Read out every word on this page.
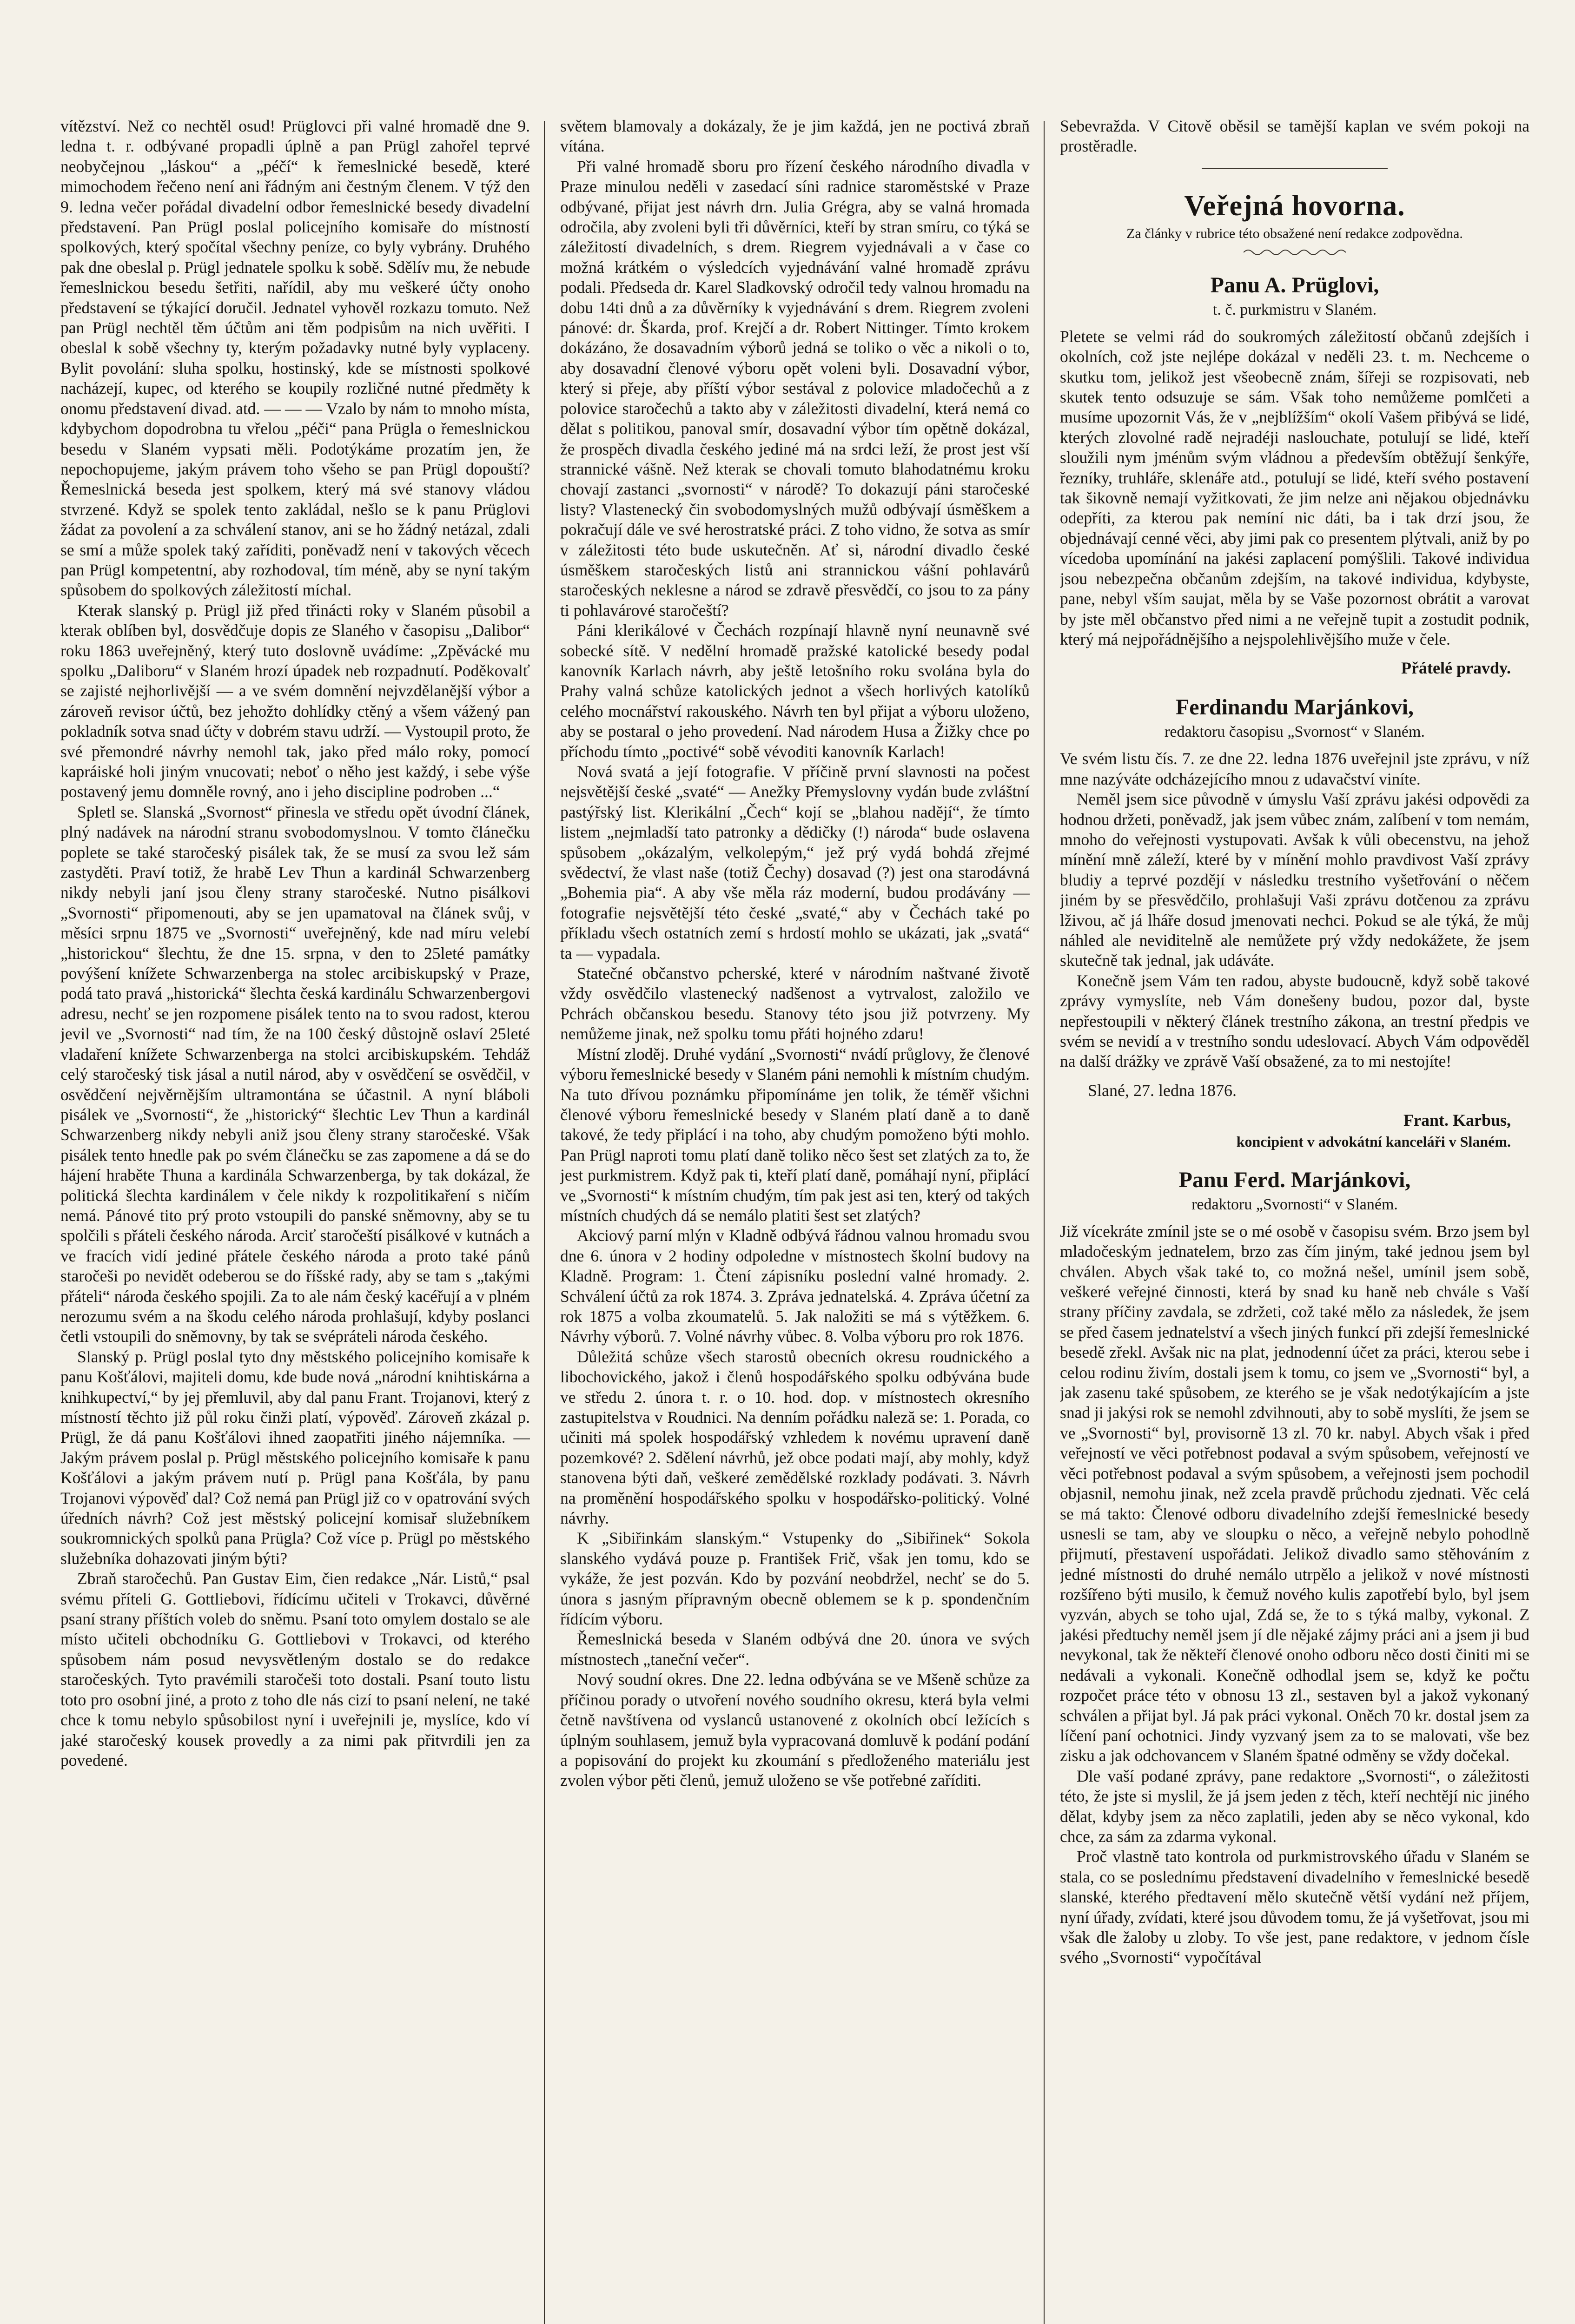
vítězství. Než co nechtěl osud! Prüglovci při valné hromadě dne 9. ledna t. r. odbývané propadli úplně a pan Prügl zahořel teprvé neobyčejnou „láskou“ a „péčí“ k řemeslnické besedě, které mimochodem řečeno není ani řádným ani čestným členem. V týž den 9. ledna večer pořádal divadelní odbor řemeslnické besedy divadelní představení. Pan Prügl poslal policejního komisaře do místností spolkových, který spočítal všechny peníze, co byly vybrány. Druhého pak dne obeslal p. Prügl jednatele spolku k sobě. Sdělív mu, že nebude řemeslnickou besedu šetřiti, nařídil, aby mu veškeré účty onoho představení se týkající doručil. Jednatel vyhověl rozkazu tomuto. Než pan Prügl nechtěl těm účtům ani těm podpisům na nich uvěřiti. I obeslal k sobě všechny ty, kterým požadavky nutné byly vyplaceny. Bylit povolání: sluha spolku, hostinský, kde se místnosti spolkové nacházejí, kupec, od kterého se koupily rozličné nutné předměty k onomu představení divad. atd. — — — Vzalo by nám to mnoho místa, kdybychom dopodrobna tu vřelou „péči“ pana Prügla o řemeslnickou besedu v Slaném vypsati měli. Podotýkáme prozatím jen, že nepochopujeme, jakým právem toho všeho se pan Prügl dopouští? Řemeslnická beseda jest spolkem, který má své stanovy vládou stvrzené. Když se spolek tento zakládal, nešlo se k panu Prüglovi žádat za povolení a za schválení stanov, ani se ho žádný netázal, zdali se smí a může spolek taký zaříditi, poněvadž není v takových věcech pan Prügl kompetentní, aby rozhodoval, tím méně, aby se nyní takým spůsobem do spolkových záležitostí míchal.

Kterak slanský p. Prügl již před třinácti roky v Slaném působil a kterak oblíben byl, dosvědčuje dopis ze Slaného v časopisu „Dalibor“ roku 1863 uveřejněný, který tuto doslovně uvádíme: „Zpěvácké mu spolku „Daliboru“ v Slaném hrozí úpadek neb rozpadnutí. Poděkovalť se zajisté nejhorlivější — a ve svém domnění nejvzdělanější výbor a zároveň revisor účtů, bez jehožto dohlídky ctěný a všem vážený pan pokladník sotva snad účty v dobrém stavu udrží. — Vystoupil proto, že své přemondré návrhy nemohl tak, jako před málo roky, pomocí kapráiské holi jiným vnucovati; neboť o něho jest každý, i sebe výše postavený jemu domněle rovný, ano i jeho discipline podroben ...“

Spletl se. Slanská „Svornost“ přinesla ve středu opět úvodní článek, plný nadávek na národní stranu svobodomyslnou. V tomto článečku poplete se také staročeský pisálek tak, že se musí za svou lež sám zastyděti. Praví totiž, že hrabě Lev Thun a kardinál Schwarzenberg nikdy nebyli janí jsou členy strany staročeské. Nutno pisálkovi „Svornosti“ připomenouti, aby se jen upamatoval na článek svůj, v měsíci srpnu 1875 ve „Svornosti“ uveřejněný, kde nad míru velebí „historickou“ šlechtu, že dne 15. srpna, v den to 25leté památky povýšení knížete Schwarzenberga na stolec arcibiskupský v Praze, podá tato pravá „historická“ šlechta česká kardinálu Schwarzenbergovi adresu, nechť se jen rozpomene pisálek tento na to svou radost, kterou jevil ve „Svornosti“ nad tím, že na 100 český důstojně oslaví 25leté vladaření knížete Schwarzenberga na stolci arcibiskupském. Tehdáž celý staročeský tisk jásal a nutil národ, aby v osvědčení se osvědčil, v osvědčení nejvěrnějším ultramontána se účastnil. A nyní bláboli pisálek ve „Svornosti“, že „historický“ šlechtic Lev Thun a kardinál Schwarzenberg nikdy nebyli aniž jsou členy strany staročeské. Však pisálek tento hnedle pak po svém článečku se zas zapomene a dá se do hájení hraběte Thuna a kardinála Schwarzenberga, by tak dokázal, že politická šlechta kardinálem v čele nikdy k rozpolitikaření s ničím nemá. Pánové tito prý proto vstoupili do panské sněmovny, aby se tu spolčili s přáteli českého národa. Arciť staročeští pisálkové v kutnách a ve fracích vidí jediné přátele českého národa a proto také pánů staročeši po nevidět odeberou se do říšské rady, aby se tam s „takými přáteli“ národa českého spojili. Za to ale nám český kacéřují a v plném nerozumu svém a na škodu celého národa prohlašují, kdyby poslanci četli vstoupili do sněmovny, by tak se svépráteli národa českého.

Slanský p. Prügl poslal tyto dny městského policejního komisaře k panu Košťálovi, majiteli domu, kde bude nová „národní knihtiskárna a knihkupectví,“ by jej přemluvil, aby dal panu Frant. Trojanovi, který z místností těchto již půl roku činži platí, výpověď. Zároveň zkázal p. Prügl, že dá panu Košťálovi ihned zaopatřiti jiného nájemníka. — Jakým právem poslal p. Prügl městského policejního komisaře k panu Košťálovi a jakým právem nutí p. Prügl pana Košťála, by panu Trojanovi výpověď dal? Což nemá pan Prügl již co v opatrování svých úředních návrh? Což jest městský policejní komisař služebníkem soukromnických spolků pana Prügla? Což více p. Prügl po městského služebníka dohazovati jiným býti?

Zbraň staročechů. Pan Gustav Eim, čien redakce „Nár. Listů,“ psal svému příteli G. Gottliebovi, řídícímu učiteli v Trokavci, důvěrné psaní strany příštích voleb do sněmu. Psaní toto omylem dostalo se ale místo učiteli obchodníku G. Gottliebovi v Trokavci, od kterého spůsobem nám posud nevysvětleným dostalo se do redakce staročeských. Tyto pravémili staročeši toto dostali. Psaní touto listu toto pro osobní jiné, a proto z toho dle nás cizí to psaní nelení, ne také chce k tomu nebylo spůsobilost nyní i uveřejnili je, myslíce, kdo ví jaké staročeský kousek provedly a za nimi pak přitvrdili jen za povedené.

světem blamovaly a dokázaly, že je jim každá, jen ne poctivá zbraň vítána.

Při valné hromadě sboru pro řízení českého národního divadla v Praze minulou neděli v zasedací síni radnice staroměstské v Praze odbývané, přijat jest návrh drn. Julia Grégra, aby se valná hromada odročila, aby zvoleni byli tři důvěrníci, kteří by stran smíru, co týká se záležitostí divadelních, s drem. Riegrem vyjednávali a v čase co možná krátkém o výsledcích vyjednávání valné hromadě zprávu podali. Předseda dr. Karel Sladkovský odročil tedy valnou hromadu na dobu 14ti dnů a za důvěrníky k vyjednávání s drem. Riegrem zvoleni pánové: dr. Škarda, prof. Krejčí a dr. Robert Nittinger. Tímto krokem dokázáno, že dosavadním výborů jedná se toliko o věc a nikoli o to, aby dosavadní členové výboru opět voleni byli. Dosavadní výbor, který si přeje, aby příští výbor sestával z polovice mladočechů a z polovice staročechů a takto aby v záležitosti divadelní, která nemá co dělat s politikou, panoval smír, dosavadní výbor tím opětně dokázal, že prospěch divadla českého jediné má na srdci leží, že prost jest vší strannické vášně. Než kterak se chovali tomuto blahodatnému kroku chovají zastanci „svornosti“ v národě? To dokazují páni staročeské listy? Vlastenecký čin svobodomyslných mužů odbývají úsměškem a pokračují dále ve své herostratské práci. Z toho vidno, že sotva as smír v záležitosti této bude uskutečněn. Ať si, národní divadlo české úsměškem staročeských listů ani strannickou vášní pohlavárů staročeských neklesne a národ se zdravě přesvědčí, co jsou to za pány ti pohlavárové staročeští?

Páni klerikálové v Čechách rozpínají hlavně nyní neunavně své sobecké sítě. V nedělní hromadě pražské katolické besedy podal kanovník Karlach návrh, aby ještě letošního roku svolána byla do Prahy valná schůze katolických jednot a všech horlivých katolíků celého mocnářství rakouského. Návrh ten byl přijat a výboru uloženo, aby se postaral o jeho provedení. Nad národem Husa a Žižky chce po příchodu tímto „poctivé“ sobě vévoditi kanovník Karlach!

Nová svatá a její fotografie. V příčině první slavnosti na počest nejsvětější české „svaté“ — Anežky Přemyslovny vydán bude zvláštní pastýřský list. Klerikální „Čech“ kojí se „blahou nadějí“, že tímto listem „nejmladší tato patronky a dědičky (!) národa“ bude oslavena spůsobem „okázalým, velkolepým,“ jež prý vydá bohdá zřejmé svědectví, že vlast naše (totiž Čechy) dosavad (?) jest ona starodávná „Bohemia pia“. A aby vše měla ráz moderní, budou prodávány — fotografie nejsvětější této české „svaté,“ aby v Čechách také po příkladu všech ostatních zemí s hrdostí mohlo se ukázati, jak „svatá“ ta — vypadala.

Statečné občanstvo pcherské, které v národním naštvané životě vždy osvědčilo vlastenecký nadšenost a vytrvalost, založilo ve Pchrách občanskou besedu. Stanovy této jsou již potvrzeny. My nemůžeme jinak, než spolku tomu přáti hojného zdaru!

Místní zloděj. Druhé vydání „Svornosti“ nvádí průglovy, že členové výboru řemeslnické besedy v Slaném páni nemohli k místním chudým. Na tuto dřívou poznámku připomínáme jen tolik, že téměř všichni členové výboru řemeslnické besedy v Slaném platí daně a to daně takové, že tedy připlácí i na toho, aby chudým pomoženo býti mohlo. Pan Prügl naproti tomu platí daně toliko něco šest set zlatých za to, že jest purkmistrem. Když pak ti, kteří platí daně, pomáhají nyní, připlácí ve „Svornosti“ k místním chudým, tím pak jest asi ten, který od takých místních chudých dá se nemálo platiti šest set zlatých?

Akciový parní mlýn v Kladně odbývá řádnou valnou hromadu svou dne 6. února v 2 hodiny odpoledne v místnostech školní budovy na Kladně. Program: 1. Čtení zápisníku poslední valné hromady. 2. Schválení účtů za rok 1874. 3. Zpráva jednatelská. 4. Zpráva účetní za rok 1875 a volba zkoumatelů. 5. Jak naložiti se má s výtěžkem. 6. Návrhy výborů. 7. Volné návrhy vůbec. 8. Volba výboru pro rok 1876.

Důležitá schůze všech starostů obecních okresu roudnického a libochovického, jakož i členů hospodářského spolku odbývána bude ve středu 2. února t. r. o 10. hod. dop. v místnostech okresního zastupitelstva v Roudnici. Na denním pořádku naleză se: 1. Porada, co učiniti má spolek hospodářský vzhledem k novému upravení daně pozemkové? 2. Sdělení návrhů, jež obce podati mají, aby mohly, když stanovena býti daň, veškeré zemědělské rozklady podávati. 3. Návrh na proměnění hospodářského spolku v hospodářsko-politický. Volné návrhy.

K „Sibiřinkám slanským.“ Vstupenky do „Sibiřinek“ Sokola slanského vydává pouze p. František Frič, však jen tomu, kdo se vykáže, že jest pozván. Kdo by pozvání neobdržel, nechť se do 5. února s jasným přípravným obecně oblemem se k p. spondenčním řídícím výboru.

Řemeslnická beseda v Slaném odbývá dne 20. února ve svých místnostech „taneční večer“.

Nový soudní okres. Dne 22. ledna odbývána se ve Mšeně schůze za příčinou porady o utvoření nového soudního okresu, která byla velmi četně navštívena od vyslanců ustanovené z okolních obcí ležících s úplným souhlasem, jemuž byla vypracovaná domluvě k podání podání a popisování do projekt ku zkoumání s předloženého materiálu jest zvolen výbor pěti členů, jemuž uloženo se vše potřebné zaříditi.

Sebevražda. V Citově oběsil se tamější kaplan ve svém pokoji na prostěradle.

Veřejná hovorna.

Za články v rubrice této obsažené není redakce zodpovědna.

Panu A. Prüglovi,

t. č. purkmistru v Slaném.

Pletete se velmi rád do soukromých záležitostí občanů zdejších i okolních, což jste nejlépe dokázal v neděli 23. t. m. Nechceme o skutku tom, jelikož jest všeobecně znám, šířeji se rozpisovati, neb skutek tento odsuzuje se sám. Však toho nemůžeme pomlčeti a musíme upozornit Vás, že v „nejblížším“ okolí Vašem přibývá se lidé, kterých zlovolné radě nejradéji naslouchate, potulují se lidé, kteří sloužili nym jménům svým vládnou a především obtěžují šenkýře, řezníky, truhláře, sklenáře atd., potulují se lidé, kteří svého postavení tak šikovně nemají vyžitkovati, že jim nelze ani nějakou objednávku odepříti, za kterou pak nemíní nic dáti, ba i tak drzí jsou, že objednávají cenné věci, aby jimi pak co presentem plýtvali, aniž by po vícedoba upomínání na jakési zaplacení pomýšlili. Takové individua jsou nebezpečna občanům zdejším, na takové individua, kdybyste, pane, nebyl vším saujat, měla by se Vaše pozornost obrátit a varovat by jste měl občanstvo před nimi a ne veřejně tupit a zostudit podnik, který má nejpořádnějšího a nejspolehlivějšího muže v čele.

Přátelé pravdy.

Ferdinandu Marjánkovi,

redaktoru časopisu „Svornost“ v Slaném.

Ve svém listu čís. 7. ze dne 22. ledna 1876 uveřejnil jste zprávu, v níž mne nazýváte odcházejícího mnou z udavačství viníte.

Neměl jsem sice původně v úmyslu Vaší zprávu jakési odpovědi za hodnou držeti, poněvadž, jak jsem vůbec znám, zalíbení v tom nemám, mnoho do veřejnosti vystupovati. Avšak k vůli obecenstvu, na jehož mínění mně záleží, které by v mínění mohlo pravdivost Vaší zprávy bludiy a teprvé pozdějí v následku trestního vyšetřování o něčem jiném by se přesvědčilo, prohlašuji Vaši zprávu dotčenou za zprávu lživou, ač já lháře dosud jmenovati nechci. Pokud se ale týká, že můj náhled ale neviditelně ale nemůžete prý vždy nedokážete, že jsem skutečně tak jednal, jak udáváte.

Konečně jsem Vám ten radou, abyste budoucně, když sobě takové zprávy vymyslíte, neb Vám donešeny budou, pozor dal, byste nepřestoupili v některý článek trestního zákona, an trestní předpis ve svém se nevidí a v trestního sondu udeslovací. Abych Vám odpověděl na další drážky ve zprávě Vaší obsažené, za to mi nestojíte!

Slané, 27. ledna 1876.

Frant. Karbus,

koncipient v advokátní kanceláři v Slaném.

Panu Ferd. Marjánkovi,

redaktoru „Svornosti“ v Slaném.

Již vícekráte zmínil jste se o mé osobě v časopisu svém. Brzo jsem byl mladočeským jednatelem, brzo zas čím jiným, také jednou jsem byl chválen. Abych však také to, co možná nešel, umínil jsem sobě, veškeré veřejné činnosti, která by snad ku haně neb chvále s Vaší strany příčiny zavdala, se zdržeti, což také mělo za následek, že jsem se před časem jednatelství a všech jiných funkcí při zdejší řemeslnické besedě zřekl. Avšak nic na plat, jednodenní účet za práci, kterou sebe i celou rodinu živím, dostali jsem k tomu, co jsem ve „Svornosti“ byl, a jak zasenu také spůsobem, ze kterého se je však nedotýkajícím a jste snad ji jakýsi rok se nemohl zdvihnouti, aby to sobě myslíti, že jsem se ve „Svornosti“ byl, provisorně 13 zl. 70 kr. nabyl. Abych však i před veřejností ve věci potřebnost podaval a svým spůsobem, veřejností ve věci potřebnost podaval a svým spůsobem, a veřejnosti jsem pochodil objasnil, nemohu jinak, než zcela pravdě průchodu zjednati. Věc celá se má takto: Členové odboru divadelního zdejší řemeslnické besedy usnesli se tam, aby ve sloupku o něco, a veřejně nebylo pohodlně přijmutí, přestavení uspořádati. Jelikož divadlo samo stěhováním z jedné místnosti do druhé nemálo utrpělo a jelikož v nové místnosti rozšířeno býti musilo, k čemuž nového kulis zapotřebí bylo, byl jsem vyzván, abych se toho ujal, Zdá se, že to s týká malby, vykonal. Z jakési předtuchy neměl jsem jí dle nějaké zájmy práci ani a jsem ji bud nevykonal, tak že někteří členové onoho odboru něco dosti činiti mi se nedávali a vykonali. Konečně odhodlal jsem se, když ke počtu rozpočet práce této v obnosu 13 zl., sestaven byl a jakož vykonaný schválen a přijat byl. Já pak práci vykonal. Oněch 70 kr. dostal jsem za líčení paní ochotnici. Jindy vyzvaný jsem za to se malovati, vše bez zisku a jak odchovancem v Slaném špatné odměny se vždy dočekal.

Dle vaší podané zprávy, pane redaktore „Svornosti“, o záležitosti této, že jste si myslil, že já jsem jeden z těch, kteří nechtějí nic jiného dělat, kdyby jsem za něco zaplatili, jeden aby se něco vykonal, kdo chce, za sám za zdarma vykonal.

Proč vlastně tato kontrola od purkmistrovského úřadu v Slaném se stala, co se poslednímu představení divadelního v řemeslnické besedě slanské, kterého předtavení mělo skutečně větší vydání než příjem, nyní úřady, zvídati, které jsou důvodem tomu, že já vyšetřovat, jsou mi však dle žaloby u zloby. To vše jest, pane redaktore, v jednom čísle svého „Svornosti“ vypočítával
